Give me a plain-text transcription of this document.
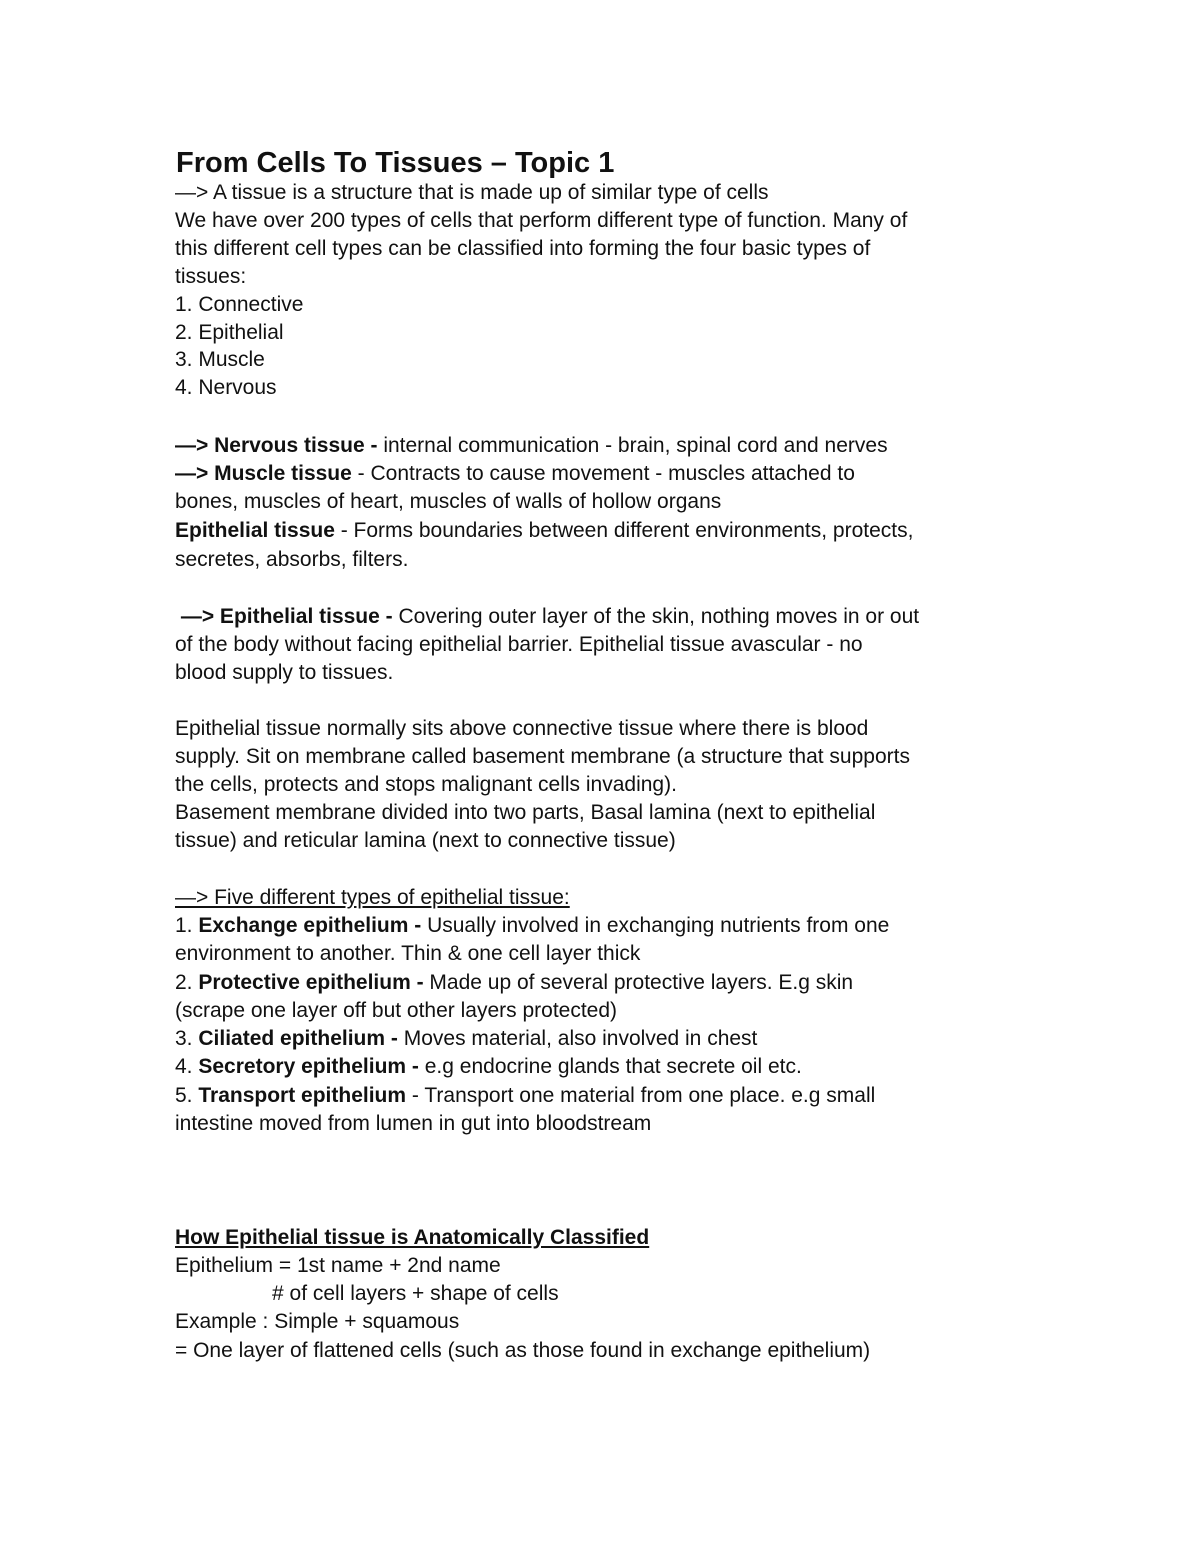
From Cells To Tissues – Topic 1
—> A tissue is a structure that is made up of similar type of cells
We have over 200 types of cells that perform different type of function. Many of
this different cell types can be classified into forming the four basic types of
tissues:
1. Connective
2. Epithelial
3. Muscle
4. Nervous
—> Nervous tissue - internal communication - brain, spinal cord and nerves
—> Muscle tissue - Contracts to cause movement - muscles attached to
bones, muscles of heart, muscles of walls of hollow organs
Epithelial tissue - Forms boundaries between different environments, protects,
secretes, absorbs, filters.
—> Epithelial tissue - Covering outer layer of the skin, nothing moves in or out
of the body without facing epithelial barrier. Epithelial tissue avascular - no
blood supply to tissues.
Epithelial tissue normally sits above connective tissue where there is blood
supply. Sit on membrane called basement membrane (a structure that supports
the cells, protects and stops malignant cells invading).
Basement membrane divided into two parts, Basal lamina (next to epithelial
tissue) and reticular lamina (next to connective tissue)
—> Five different types of epithelial tissue:
1. Exchange epithelium - Usually involved in exchanging nutrients from one
environment to another. Thin & one cell layer thick
2. Protective epithelium - Made up of several protective layers. E.g skin
(scrape one layer off but other layers protected)
3. Ciliated epithelium - Moves material, also involved in chest
4. Secretory epithelium - e.g endocrine glands that secrete oil etc.
5. Transport epithelium - Transport one material from one place. e.g small
intestine moved from lumen in gut into bloodstream
How Epithelial tissue is Anatomically Classified
Epithelium = 1st name + 2nd name
# of cell layers + shape of cells
Example : Simple + squamous
= One layer of flattened cells (such as those found in exchange epithelium)
